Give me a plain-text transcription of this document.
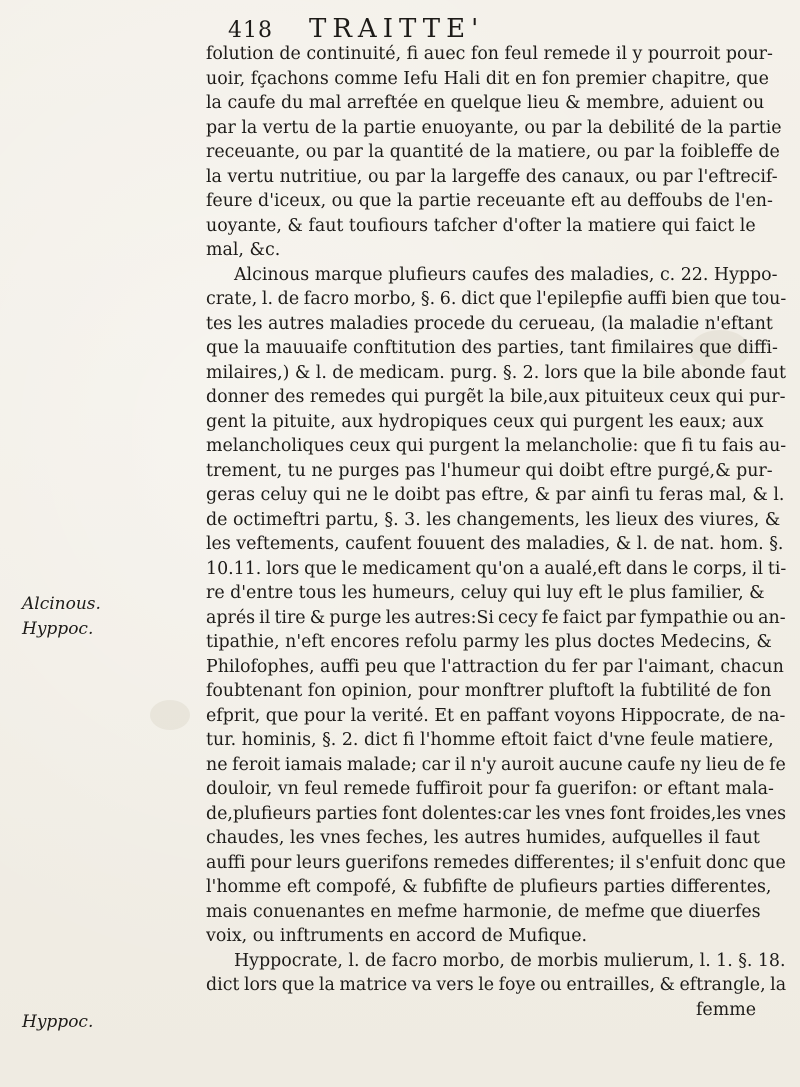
418 TRAITTE'
Alcinous.
Hyppoc.
Hyppoc.
folution de continuité, fi auec fon feul remede il y pourroit pour-
uoir, fçachons comme Iefu Hali dit en fon premier chapitre, que
la caufe du mal arreftée en quelque lieu & membre, aduient ou
par la vertu de la partie enuoyante, ou par la debilité de la partie
receuante, ou par la quantité de la matiere, ou par la foibleffe de
la vertu nutritiue, ou par la largeffe des canaux, ou par l'eftrecif-
feure d'iceux, ou que la partie receuante eft au deffoubs de l'en-
uoyante, & faut toufiours tafcher d'ofter la matiere qui faict le
mal, &c.
Alcinous marque plufieurs caufes des maladies, c. 22. Hyppo-
crate, l. de facro morbo, §. 6. dict que l'epilepfie auffi bien que tou-
tes les autres maladies procede du cerueau, (la maladie n'eftant
que la mauuaife conftitution des parties, tant fimilaires que diffi-
milaires,) & l. de medicam. purg. §. 2. lors que la bile abonde faut
donner des remedes qui purgẽt la bile,aux pituiteux ceux qui pur-
gent la pituite, aux hydropiques ceux qui purgent les eaux; aux
melancholiques ceux qui purgent la melancholie: que fi tu fais au-
trement, tu ne purges pas l'humeur qui doibt eftre purgé,& pur-
geras celuy qui ne le doibt pas eftre, & par ainfi tu feras mal, & l.
de octimeftri partu, §. 3. les changements, les lieux des viures, &
les veftements, caufent fouuent des maladies, & l. de nat. hom. §.
10.11. lors que le medicament qu'on a aualé,eft dans le corps, il ti-
re d'entre tous les humeurs, celuy qui luy eft le plus familier, &
aprés il tire & purge les autres:Si cecy fe faict par fympathie ou an-
tipathie, n'eft encores refolu parmy les plus doctes Medecins, &
Philofophes, auffi peu que l'attraction du fer par l'aimant, chacun
foubtenant fon opinion, pour monftrer pluftoft la fubtilité de fon
efprit, que pour la verité. Et en paffant voyons Hippocrate, de na-
tur. hominis, §. 2. dict fi l'homme eftoit faict d'vne feule matiere,
ne feroit iamais malade; car il n'y auroit aucune caufe ny lieu de fe
douloir, vn feul remede fuffiroit pour fa guerifon: or eftant mala-
de,plufieurs parties font dolentes:car les vnes font froides,les vnes
chaudes, les vnes feches, les autres humides, aufquelles il faut
auffi pour leurs guerifons remedes differentes; il s'enfuit donc que
l'homme eft compofé, & fubfifte de plufieurs parties differentes,
mais conuenantes en mefme harmonie, de mefme que diuerfes
voix, ou inftruments en accord de Mufique.
Hyppocrate, l. de facro morbo, de morbis mulierum, l. 1. §. 18.
dict lors que la matrice va vers le foye ou entrailles, & eftrangle, la
femme
